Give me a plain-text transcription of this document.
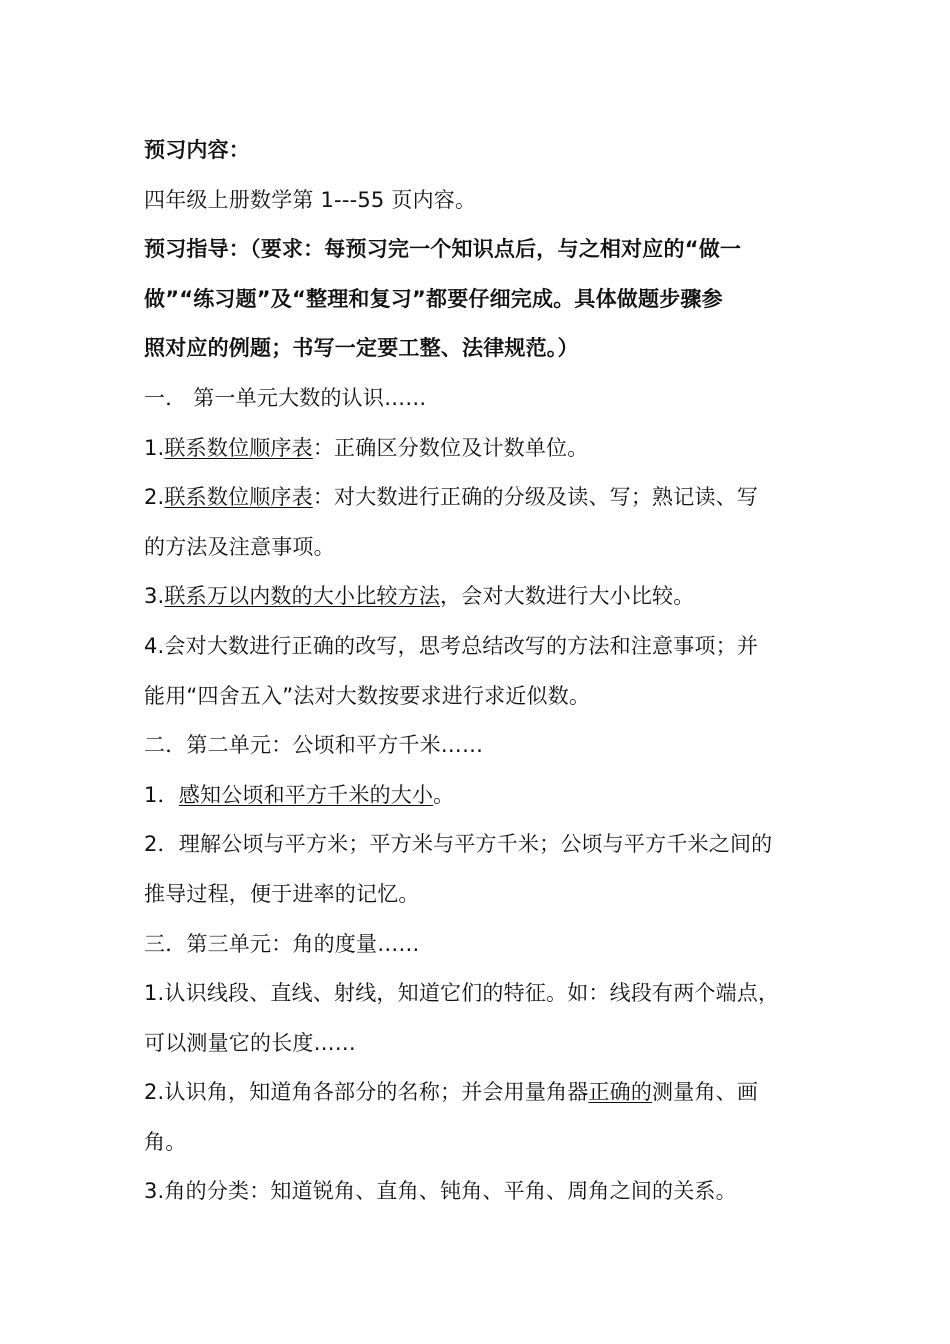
预习内容：
四年级上册数学第 1---55 页内容。
预习指导：（要求：每预习完一个知识点后，与之相对应的“做一
做”“练习题”及“整理和复习”都要仔细完成。具体做题步骤参
照对应的例题；书写一定要工整、法律规范。）
一． 第一单元大数的认识……
1.联系数位顺序表：正确区分数位及计数单位。
2.联系数位顺序表：对大数进行正确的分级及读、写；熟记读、写
的方法及注意事项。
3.联系万以内数的大小比较方法，会对大数进行大小比较。
4.会对大数进行正确的改写，思考总结改写的方法和注意事项；并
能用“四舍五入”法对大数按要求进行求近似数。
二．第二单元：公顷和平方千米……
1．感知公顷和平方千米的大小。
2．理解公顷与平方米；平方米与平方千米；公顷与平方千米之间的
推导过程，便于进率的记忆。
三．第三单元：角的度量……
1.认识线段、直线、射线，知道它们的特征。如：线段有两个端点，
可以测量它的长度……
2.认识角，知道角各部分的名称；并会用量角器正确的测量角、画
角。
3.角的分类：知道锐角、直角、钝角、平角、周角之间的关系。
